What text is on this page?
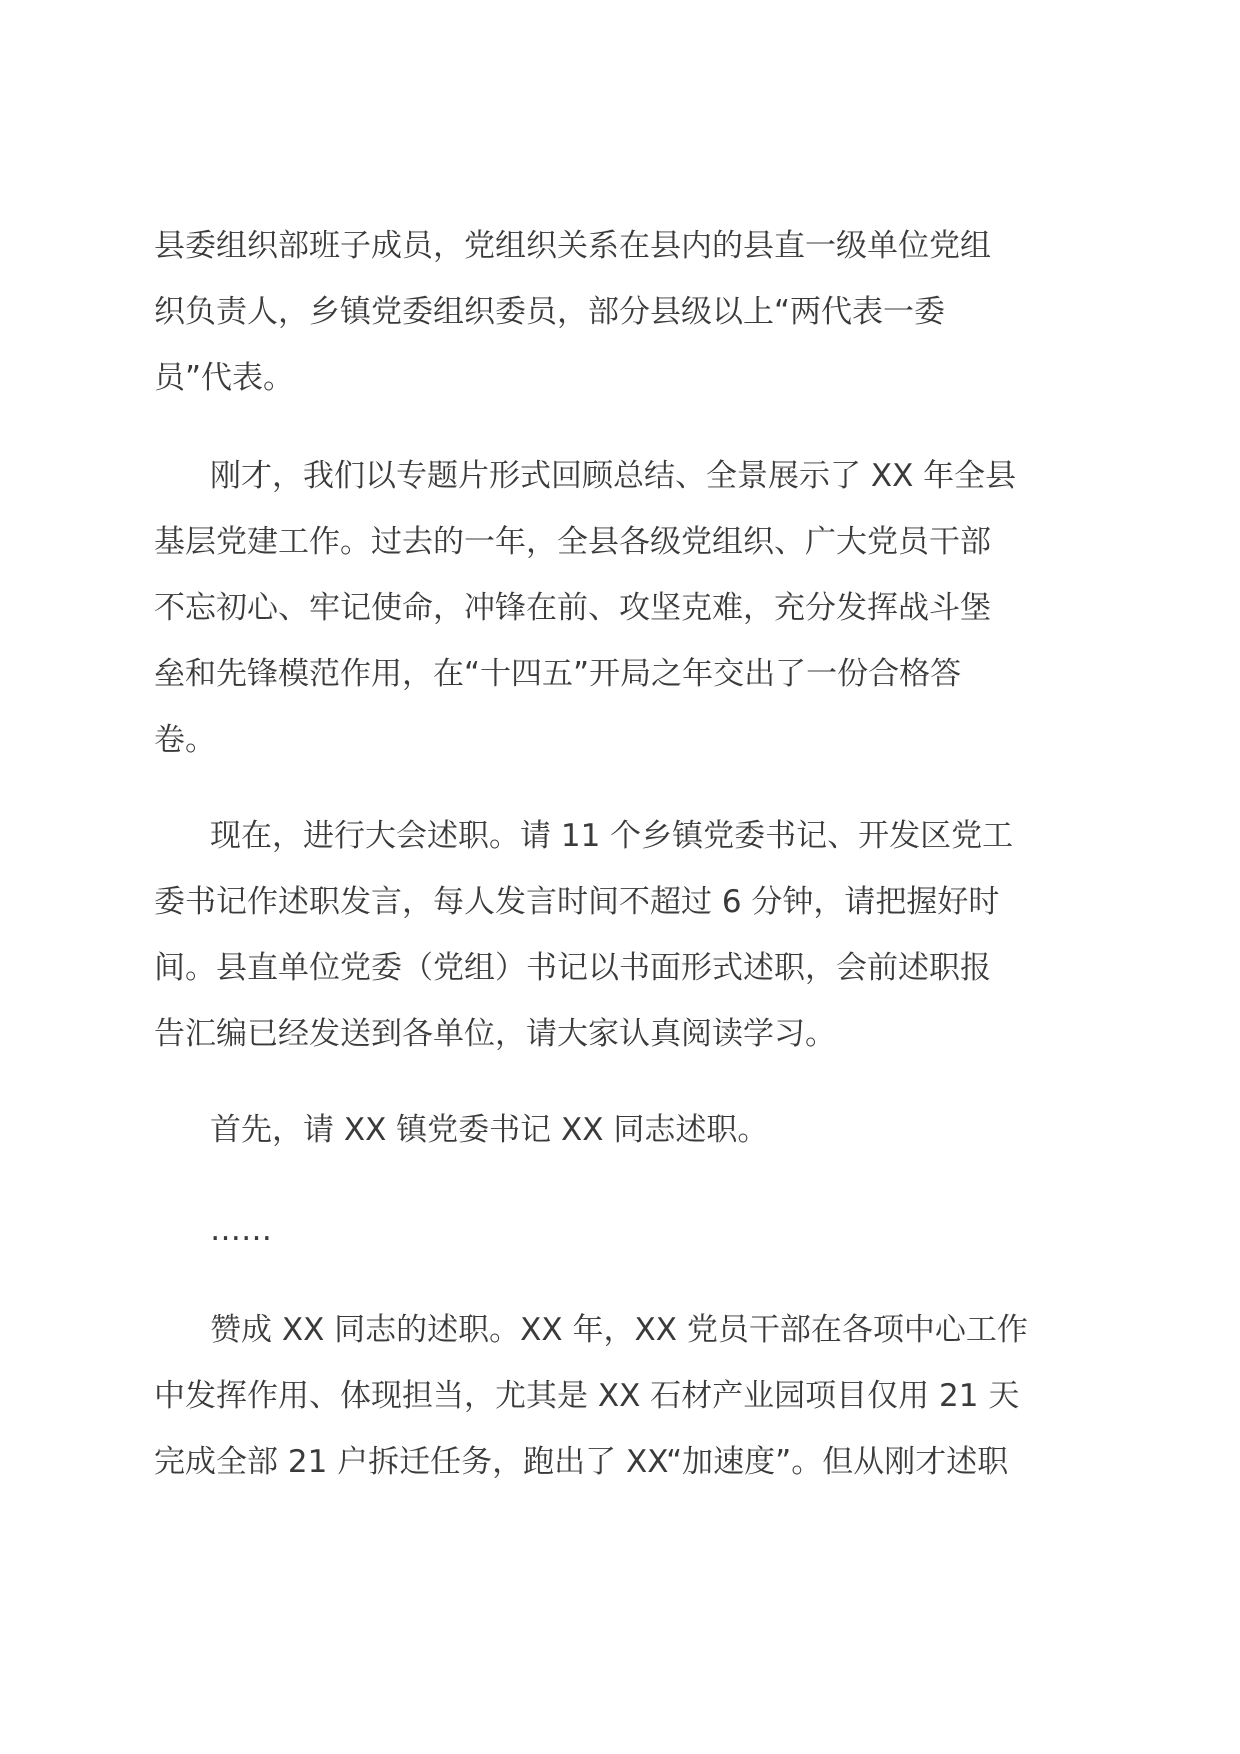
县委组织部班子成员，党组织关系在县内的县直一级单位党组
织负责人，乡镇党委组织委员，部分县级以上“两代表一委
员”代表。
刚才，我们以专题片形式回顾总结、全景展示了 XX 年全县
基层党建工作。过去的一年，全县各级党组织、广大党员干部
不忘初心、牢记使命，冲锋在前、攻坚克难，充分发挥战斗堡
垒和先锋模范作用，在“十四五”开局之年交出了一份合格答
卷。
现在，进行大会述职。请 11 个乡镇党委书记、开发区党工
委书记作述职发言，每人发言时间不超过 6 分钟，请把握好时
间。县直单位党委（党组）书记以书面形式述职，会前述职报
告汇编已经发送到各单位，请大家认真阅读学习。
首先，请 XX 镇党委书记 XX 同志述职。
……
赞成 XX 同志的述职。XX 年，XX 党员干部在各项中心工作
中发挥作用、体现担当，尤其是 XX 石材产业园项目仅用 21 天
完成全部 21 户拆迁任务，跑出了 XX“加速度”。但从刚才述职
